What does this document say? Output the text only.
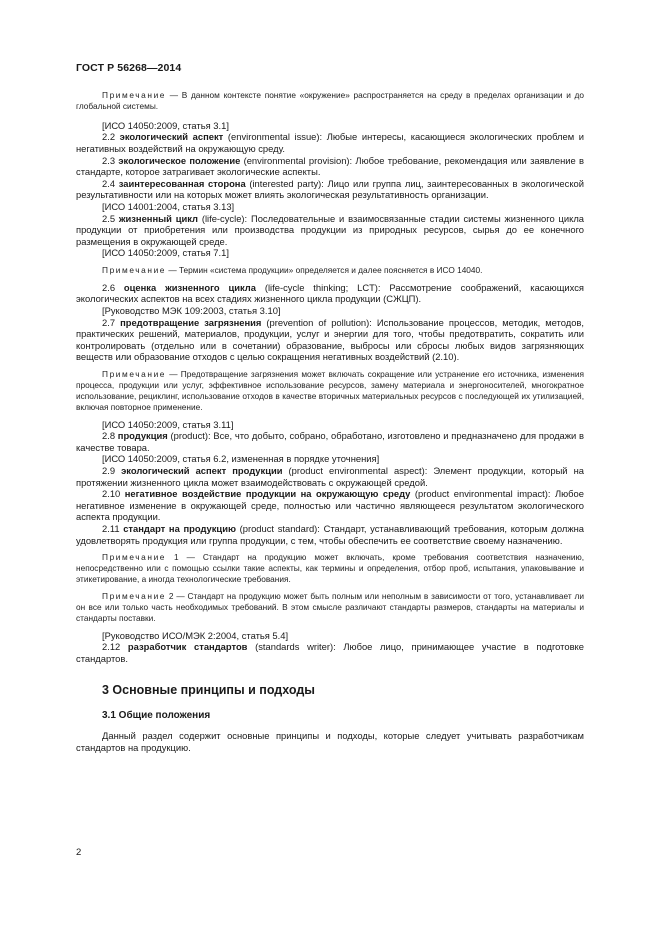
ГОСТ Р 56268—2014

Примечание — В данном контексте понятие «окружение» распространяется на среду в пределах организации и до глобальной системы.

[ИСО 14050:2009, статья 3.1]

2.2 экологический аспект (environmental issue): Любые интересы, касающиеся экологических проблем и негативных воздействий на окружающую среду.

2.3 экологическое положение (environmental provision): Любое требование, рекомендация или заявление в стандарте, которое затрагивает экологические аспекты.

2.4 заинтересованная сторона (interested party): Лицо или группа лиц, заинтересованных в экологической результативности или на которых может влиять экологическая результативность организации.

[ИСО 14001:2004, статья 3.13]

2.5 жизненный цикл (life-cycle): Последовательные и взаимосвязанные стадии системы жизненного цикла продукции от приобретения или производства продукции из природных ресурсов, сырья до ее конечного размещения в окружающей среде.

[ИСО 14050:2009, статья 7.1]

Примечание — Термин «система продукции» определяется и далее поясняется в ИСО 14040.

2.6 оценка жизненного цикла (life-cycle thinking; LCT): Рассмотрение соображений, касающихся экологических аспектов на всех стадиях жизненного цикла продукции (СЖЦП).

[Руководство МЭК 109:2003, статья 3.10]

2.7 предотвращение загрязнения (prevention of pollution): Использование процессов, методик, методов, практических решений, материалов, продукции, услуг и энергии для того, чтобы предотвратить, сократить или контролировать (отдельно или в сочетании) образование, выбросы или сбросы любых видов загрязняющих веществ или образование отходов с целью сокращения негативных воздействий (2.10).

Примечание — Предотвращение загрязнения может включать сокращение или устранение его источника, изменения процесса, продукции или услуг, эффективное использование ресурсов, замену материала и энергоносителей, многократное использование, рециклинг, использование отходов в качестве вторичных материальных ресурсов с последующей их утилизацией, включая повторное применение.

[ИСО 14050:2009, статья 3.11]

2.8 продукция (product): Все, что добыто, собрано, обработано, изготовлено и предназначено для продажи в качестве товара.

[ИСО 14050:2009, статья 6.2, измененная в порядке уточнения]

2.9 экологический аспект продукции (product environmental aspect): Элемент продукции, который на протяжении жизненного цикла может взаимодействовать с окружающей средой.

2.10 негативное воздействие продукции на окружающую среду (product environmental impact): Любое негативное изменение в окружающей среде, полностью или частично являющееся результатом экологического аспекта продукции.

2.11 стандарт на продукцию (product standard): Стандарт, устанавливающий требования, которым должна удовлетворять продукция или группа продукции, с тем, чтобы обеспечить ее соответствие своему назначению.

Примечание 1 — Стандарт на продукцию может включать, кроме требования соответствия назначению, непосредственно или с помощью ссылки такие аспекты, как термины и определения, отбор проб, испытания, упаковывание и этикетирование, а иногда технологические требования.

Примечание 2 — Стандарт на продукцию может быть полным или неполным в зависимости от того, устанавливает ли он все или только часть необходимых требований. В этом смысле различают стандарты размеров, стандарты на материалы и стандарты поставки.

[Руководство ИСО/МЭК 2:2004, статья 5.4]

2.12 разработчик стандартов (standards writer): Любое лицо, принимающее участие в подготовке стандартов.

3 Основные принципы и подходы

3.1 Общие положения

Данный раздел содержит основные принципы и подходы, которые следует учитывать разработчикам стандартов на продукцию.

2
